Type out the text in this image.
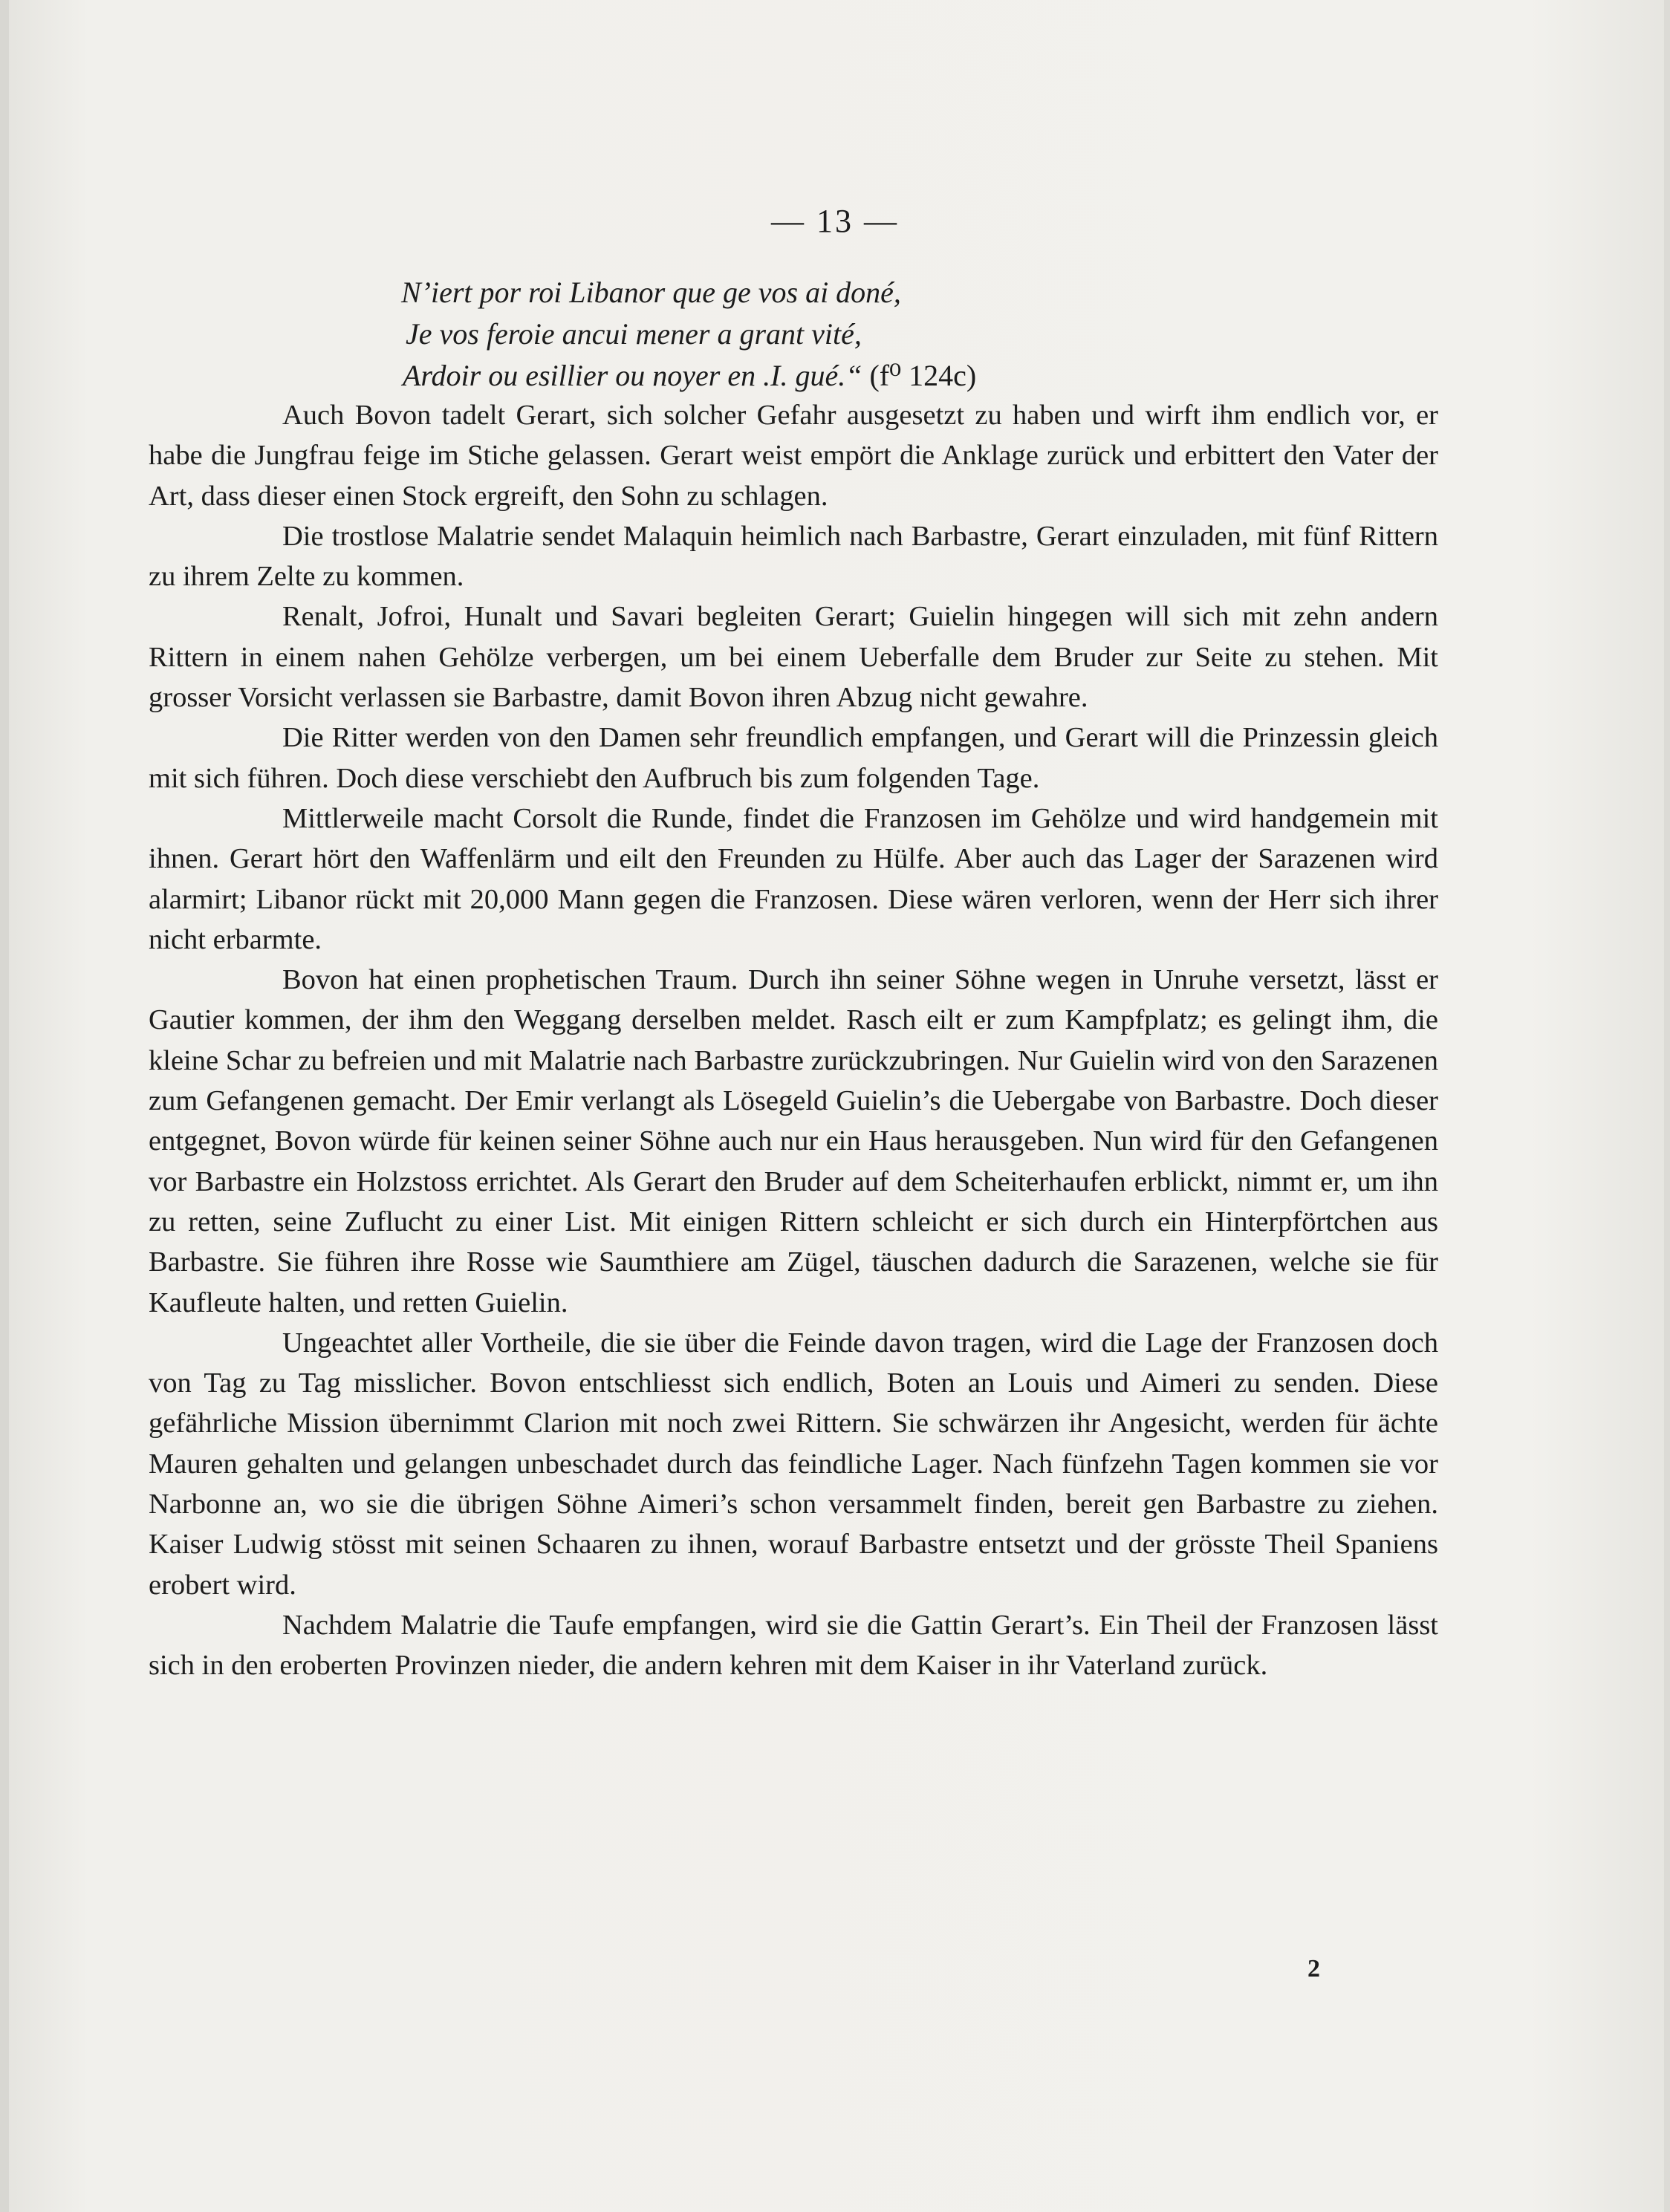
— 13 —
N’iert por roi Libanor que ge vos ai doné,
Je vos feroie ancui mener a grant vité,
Ardoir ou esillier ou noyer en .I. gué.“ (f⁰ 124c)

Auch Bovon tadelt Gerart, sich solcher Gefahr ausgesetzt zu haben und wirft ihm endlich vor, er habe die Jungfrau feige im Stiche gelassen. Gerart weist empört die Anklage zurück und erbittert den Vater der Art, dass dieser einen Stock ergreift, den Sohn zu schlagen.

Die trostlose Malatrie sendet Malaquin heimlich nach Barbastre, Gerart einzuladen, mit fünf Rittern zu ihrem Zelte zu kommen.

Renalt, Jofroi, Hunalt und Savari begleiten Gerart; Guielin hingegen will sich mit zehn andern Rittern in einem nahen Gehölze verbergen, um bei einem Ueberfalle dem Bruder zur Seite zu stehen. Mit grosser Vorsicht verlassen sie Barbastre, damit Bovon ihren Abzug nicht gewahre.

Die Ritter werden von den Damen sehr freundlich empfangen, und Gerart will die Prinzessin gleich mit sich führen. Doch diese verschiebt den Aufbruch bis zum folgenden Tage.

Mittlerweile macht Corsolt die Runde, findet die Franzosen im Gehölze und wird handgemein mit ihnen. Gerart hört den Waffenlärm und eilt den Freunden zu Hülfe. Aber auch das Lager der Sarazenen wird alarmirt; Libanor rückt mit 20,000 Mann gegen die Franzosen. Diese wären verloren, wenn der Herr sich ihrer nicht erbarmte.

Bovon hat einen prophetischen Traum. Durch ihn seiner Söhne wegen in Unruhe versetzt, lässt er Gautier kommen, der ihm den Weggang derselben meldet. Rasch eilt er zum Kampfplatz; es gelingt ihm, die kleine Schar zu befreien und mit Malatrie nach Barbastre zurückzubringen. Nur Guielin wird von den Sarazenen zum Gefangenen gemacht. Der Emir verlangt als Lösegeld Guielin’s die Uebergabe von Barbastre. Doch dieser entgegnet, Bovon würde für keinen seiner Söhne auch nur ein Haus herausgeben. Nun wird für den Gefangenen vor Barbastre ein Holzstoss errichtet. Als Gerart den Bruder auf dem Scheiterhaufen erblickt, nimmt er, um ihn zu retten, seine Zuflucht zu einer List. Mit einigen Rittern schleicht er sich durch ein Hinterpförtchen aus Barbastre. Sie führen ihre Rosse wie Saumthiere am Zügel, täuschen dadurch die Sarazenen, welche sie für Kaufleute halten, und retten Guielin.

Ungeachtet aller Vortheile, die sie über die Feinde davon tragen, wird die Lage der Franzosen doch von Tag zu Tag misslicher. Bovon entschliesst sich endlich, Boten an Louis und Aimeri zu senden. Diese gefährliche Mission übernimmt Clarion mit noch zwei Rittern. Sie schwärzen ihr Angesicht, werden für ächte Mauren gehalten und gelangen unbeschadet durch das feindliche Lager. Nach fünfzehn Tagen kommen sie vor Narbonne an, wo sie die übrigen Söhne Aimeri’s schon versammelt finden, bereit gen Barbastre zu ziehen. Kaiser Ludwig stösst mit seinen Schaaren zu ihnen, worauf Barbastre entsetzt und der grösste Theil Spaniens erobert wird.

Nachdem Malatrie die Taufe empfangen, wird sie die Gattin Gerart’s. Ein Theil der Franzosen lässt sich in den eroberten Provinzen nieder, die andern kehren mit dem Kaiser in ihr Vaterland zurück.

2
